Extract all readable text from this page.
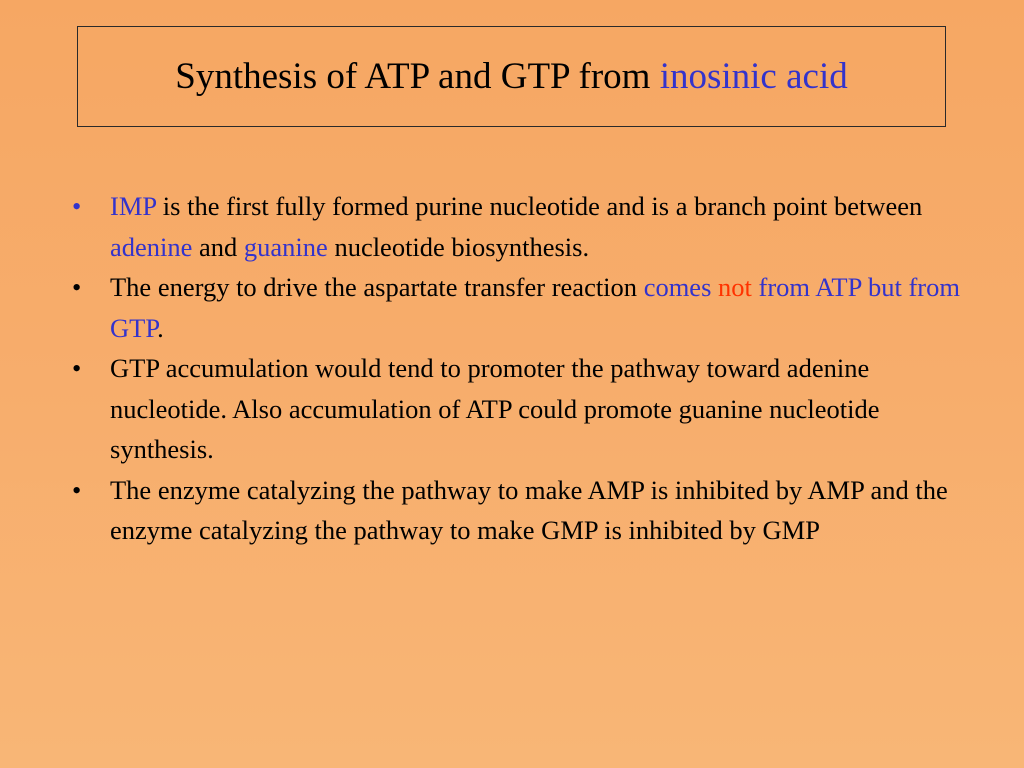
Synthesis of ATP and GTP from inosinic acid
• IMP is the first fully formed purine nucleotide and is a branch point between adenine and guanine nucleotide biosynthesis.
• The energy to drive the aspartate transfer reaction comes not from ATP but from GTP.
• GTP accumulation would tend to promoter the pathway toward adenine nucleotide. Also accumulation of ATP could promote guanine nucleotide synthesis.
• The enzyme catalyzing the pathway to make AMP is inhibited by AMP and the enzyme catalyzing the pathway to make GMP is inhibited by GMP
